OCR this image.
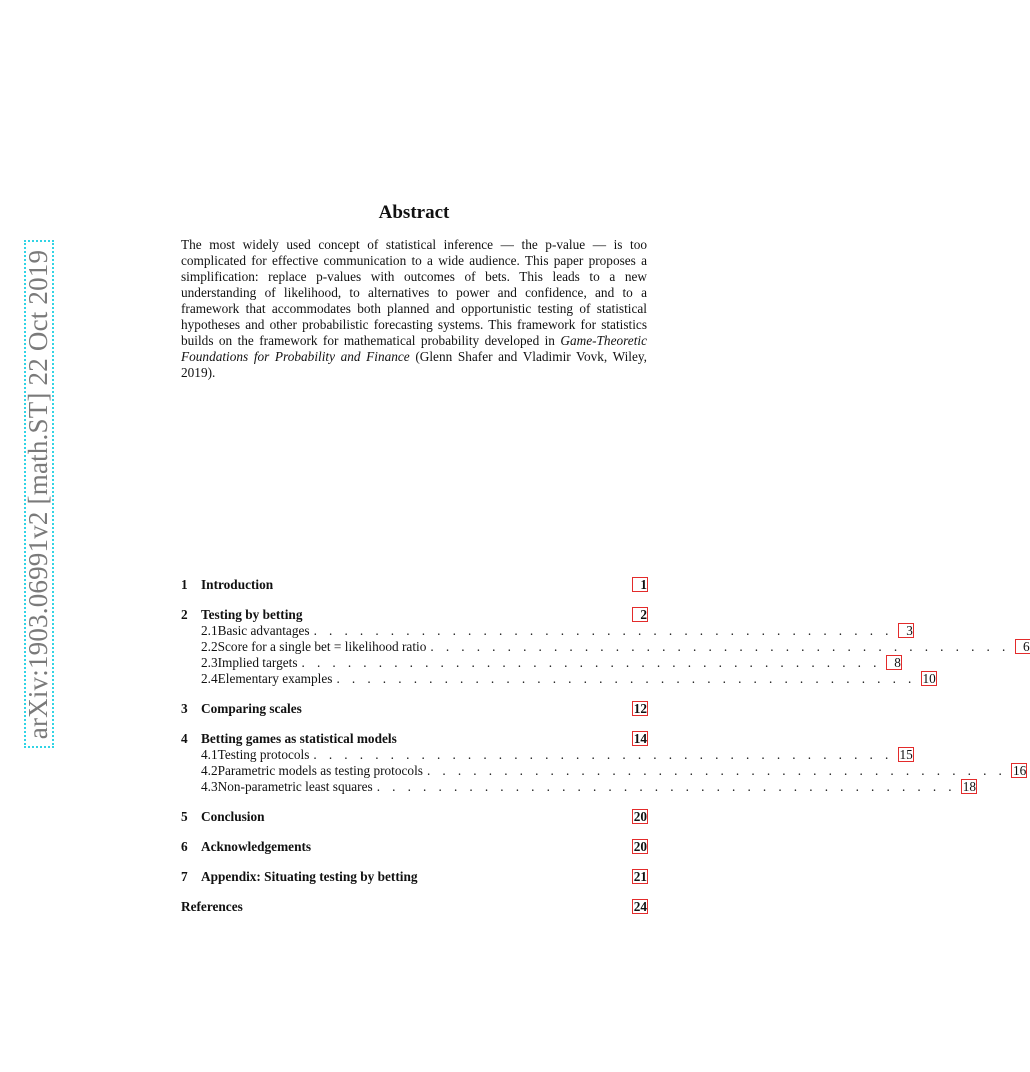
arXiv:1903.06991v2 [math.ST] 22 Oct 2019
Abstract

The most widely used concept of statistical inference — the p-value — is too complicated for effective communication to a wide audience. This paper proposes a simplification: replace p-values with outcomes of bets. This leads to a new understanding of likelihood, to alternatives to power and confidence, and to a framework that accommodates both planned and opportunistic testing of statistical hypotheses and other probabilistic forecasting systems. This framework for statistics builds on the framework for mathematical probability developed in Game-Theoretic Foundations for Probability and Finance (Glenn Shafer and Vladimir Vovk, Wiley, 2019).

1	Introduction	1
2	Testing by betting	2
2.1 Basic advantages . . . . . . . . . . . . . . . . . . . . . . . . . . . . . . . . . . . . . .	3
2.2 Score for a single bet = likelihood ratio . . . . . . . . . . . . . . . . . . . . . . . . . . . . . . . . . . . . . .	6
2.3 Implied targets . . . . . . . . . . . . . . . . . . . . . . . . . . . . . . . . . . . . . .	8
2.4 Elementary examples . . . . . . . . . . . . . . . . . . . . . . . . . . . . . . . . . . . . . . 10
3	Comparing scales	12
4	Betting games as statistical models	14
4.1 Testing protocols . . . . . . . . . . . . . . . . . . . . . . . . . . . . . . . . . . . . . . 15
4.2 Parametric models as testing protocols . . . . . . . . . . . . . . . . . . . . . . . . . . . . . . . . . . . . . . 16
4.3 Non-parametric least squares . . . . . . . . . . . . . . . . . . . . . . . . . . . . . . . . . . . . . . 18
5	Conclusion	20
6	Acknowledgements	20
7	Appendix: Situating testing by betting	21
References	24
